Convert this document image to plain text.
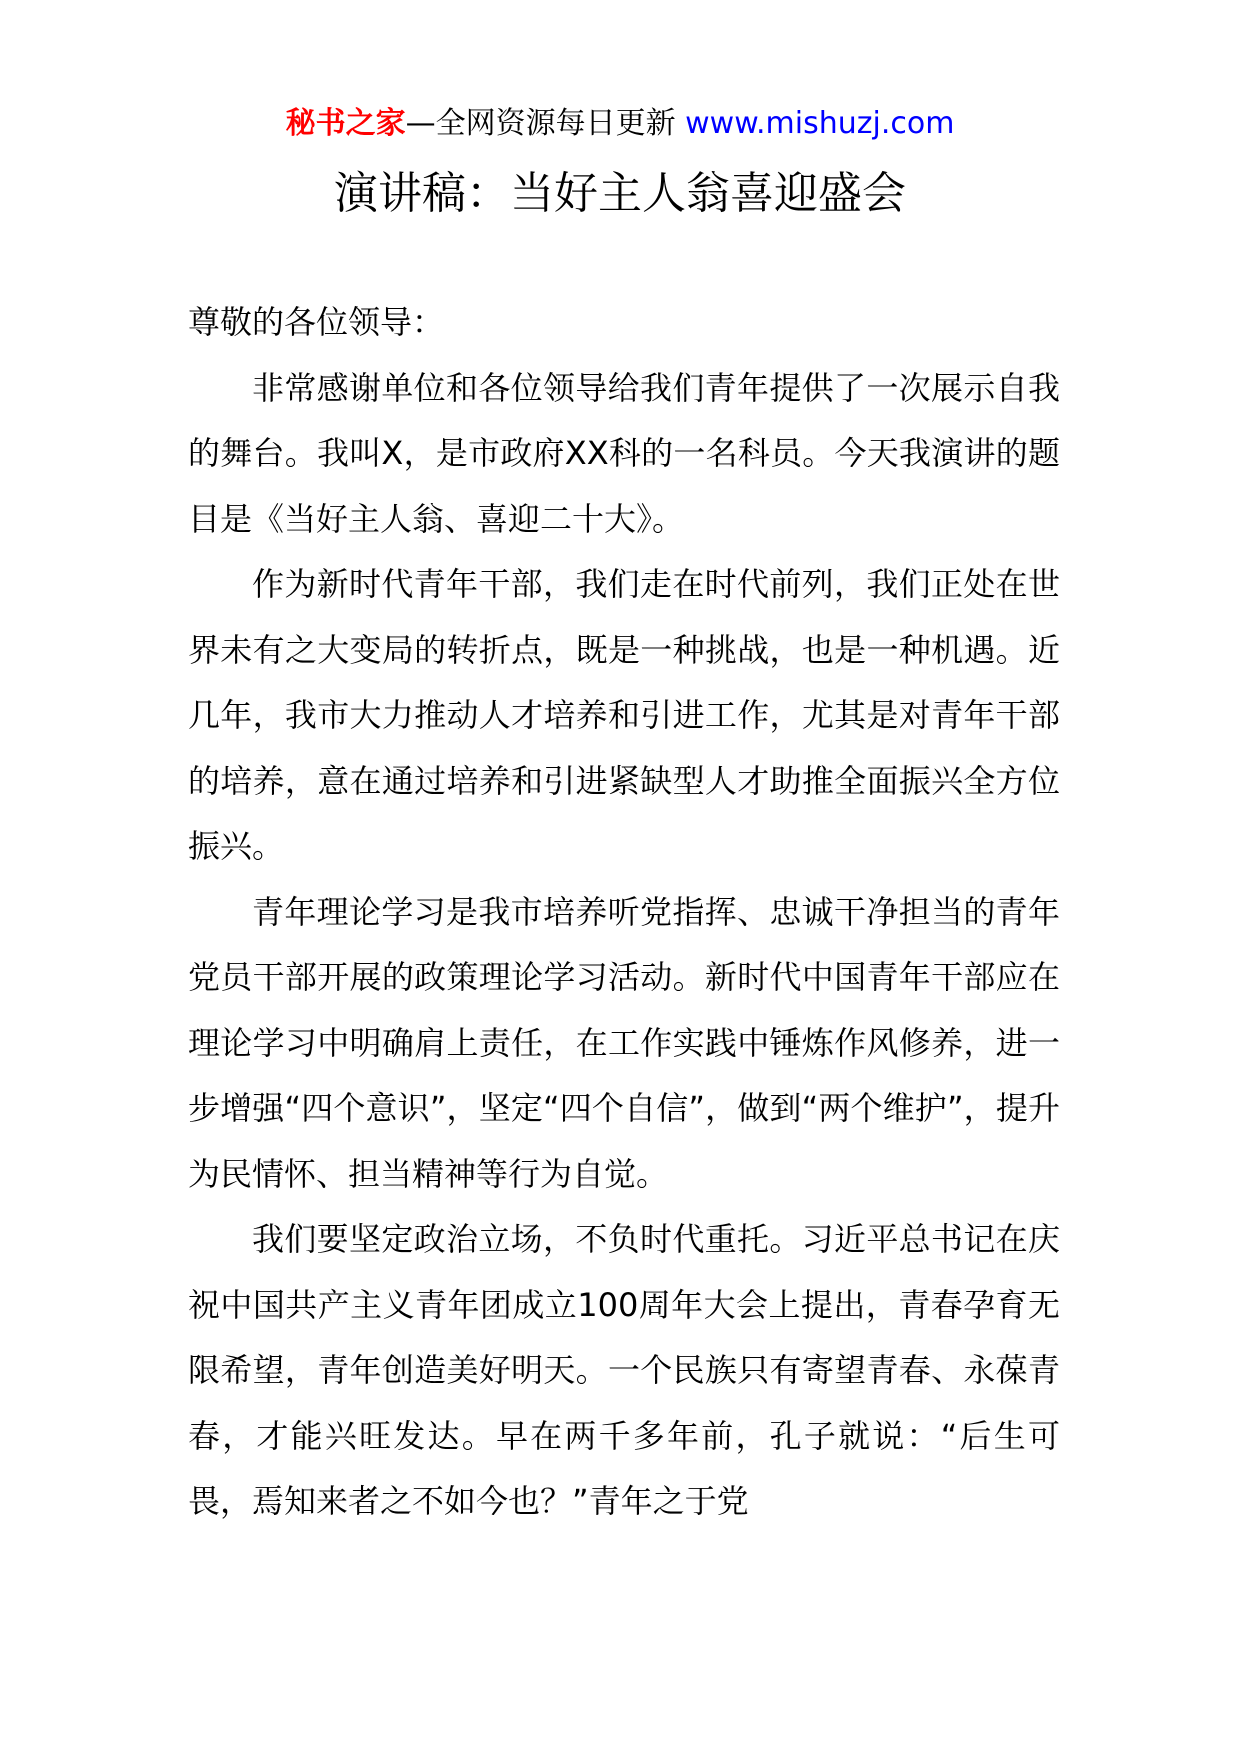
秘书之家—全网资源每日更新 www.mishuzj.com
演讲稿：当好主人翁喜迎盛会

尊敬的各位领导：

非常感谢单位和各位领导给我们青年提供了一次展示自我的舞台。我叫X，是市政府XX科的一名科员。今天我演讲的题目是《当好主人翁、喜迎二十大》。

作为新时代青年干部，我们走在时代前列，我们正处在世界未有之大变局的转折点，既是一种挑战，也是一种机遇。近几年，我市大力推动人才培养和引进工作，尤其是对青年干部的培养，意在通过培养和引进紧缺型人才助推全面振兴全方位振兴。

青年理论学习是我市培养听党指挥、忠诚干净担当的青年党员干部开展的政策理论学习活动。新时代中国青年干部应在理论学习中明确肩上责任，在工作实践中锤炼作风修养，进一步增强“四个意识”，坚定“四个自信”，做到“两个维护”，提升为民情怀、担当精神等行为自觉。

我们要坚定政治立场，不负时代重托。习近平总书记在庆祝中国共产主义青年团成立100周年大会上提出，青春孕育无限希望，青年创造美好明天。一个民族只有寄望青春、永葆青春，才能兴旺发达。早在两千多年前，孔子就说：“后生可畏，焉知来者之不如今也？”青年之于党
